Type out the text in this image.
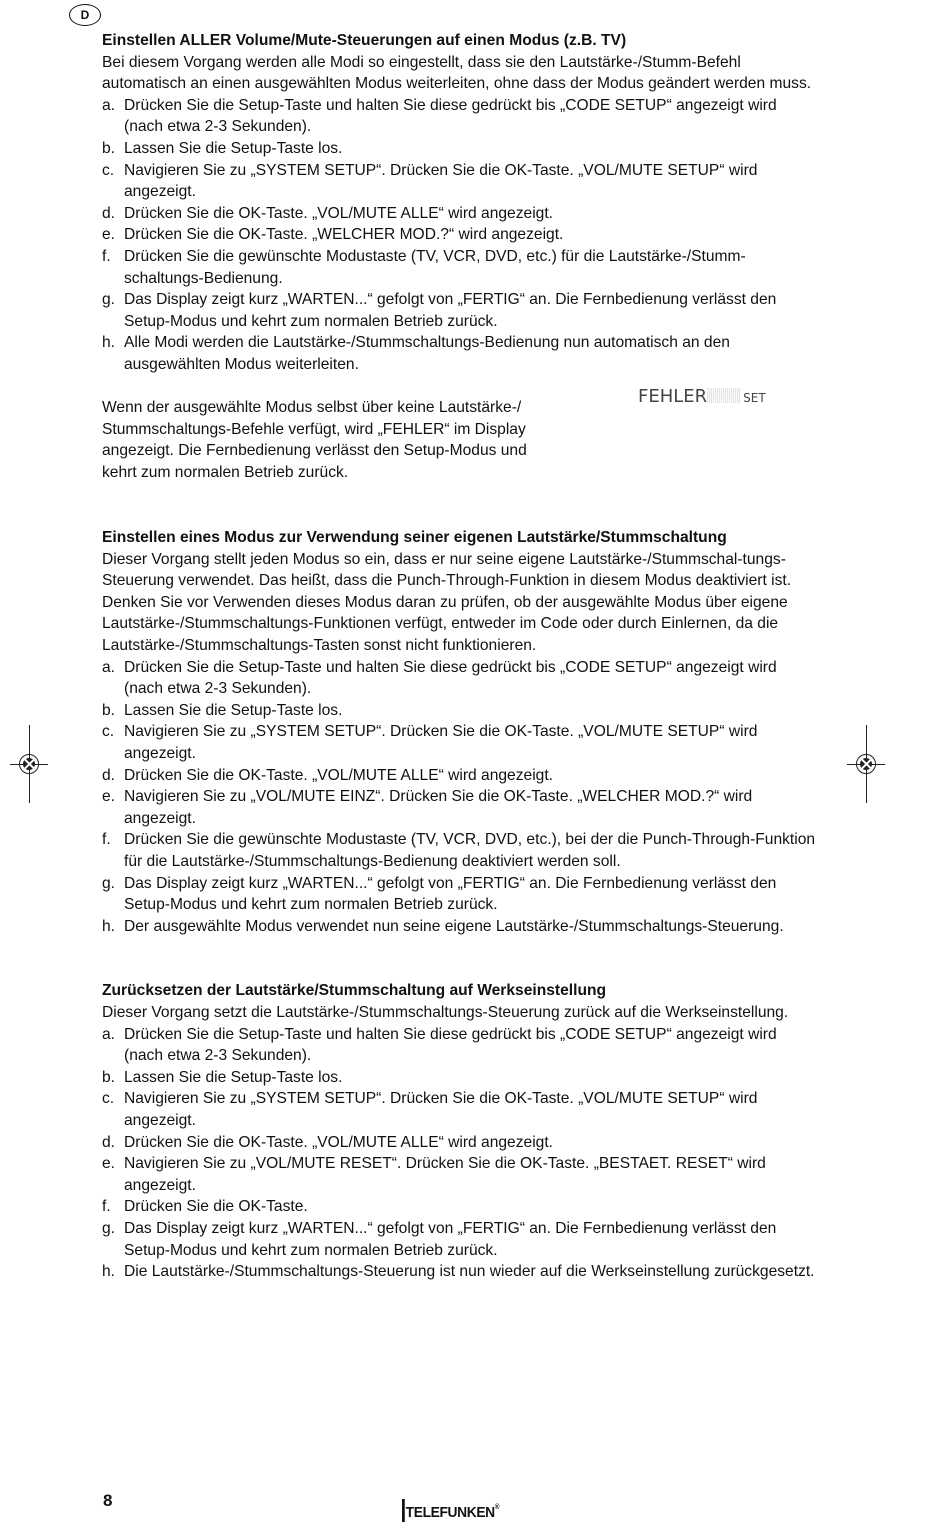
D
Einstellen ALLER Volume/Mute-Steuerungen auf einen Modus (z.B. TV)

Bei diesem Vorgang werden alle Modi so eingestellt, dass sie den Lautstärke-/Stumm-Befehl automatisch an einen ausgewählten Modus weiterleiten, ohne dass der Modus geändert werden muss.

a. Drücken Sie die Setup-Taste und halten Sie diese gedrückt bis „CODE SETUP“ angezeigt wird (nach etwa 2-3 Sekunden).
b. Lassen Sie die Setup-Taste los.
c. Navigieren Sie zu „SYSTEM SETUP“. Drücken Sie die OK-Taste. „VOL/MUTE SETUP“ wird angezeigt.
d. Drücken Sie die OK-Taste. „VOL/MUTE ALLE“ wird angezeigt.
e. Drücken Sie die OK-Taste. „WELCHER MOD.?“ wird angezeigt.
f. Drücken Sie die gewünschte Modustaste (TV, VCR, DVD, etc.) für die Lautstärke-/Stumm-schaltungs-Bedienung.
g. Das Display zeigt kurz „WARTEN...“ gefolgt von „FERTIG“ an. Die Fernbedienung verlässt den Setup-Modus und kehrt zum normalen Betrieb zurück.
h. Alle Modi werden die Lautstärke-/Stummschaltungs-Bedienung nun automatisch an den ausgewählten Modus weiterleiten.

Wenn der ausgewählte Modus selbst über keine Lautstärke-/ Stummschaltungs-Befehle verfügt, wird „FEHLER“ im Display angezeigt. Die Fernbedienung verlässt den Setup-Modus und kehrt zum normalen Betrieb zurück.

FEHLER	SET
Einstellen eines Modus zur Verwendung seiner eigenen Lautstärke/Stummschaltung

Dieser Vorgang stellt jeden Modus so ein, dass er nur seine eigene Lautstärke-/Stummschal-tungs-Steuerung verwendet. Das heißt, dass die Punch-Through-Funktion in diesem Modus deaktiviert ist. Denken Sie vor Verwenden dieses Modus daran zu prüfen, ob der ausgewählte Modus über eigene Lautstärke-/Stummschaltungs-Funktionen verfügt, entweder im Code oder durch Einlernen, da die Lautstärke-/Stummschaltungs-Tasten sonst nicht funktionieren.

a. Drücken Sie die Setup-Taste und halten Sie diese gedrückt bis „CODE SETUP“ angezeigt wird (nach etwa 2-3 Sekunden).
b. Lassen Sie die Setup-Taste los.
c. Navigieren Sie zu „SYSTEM SETUP“. Drücken Sie die OK-Taste. „VOL/MUTE SETUP“ wird angezeigt.
d. Drücken Sie die OK-Taste. „VOL/MUTE ALLE“ wird angezeigt.
e. Navigieren Sie zu „VOL/MUTE EINZ“. Drücken Sie die OK-Taste. „WELCHER MOD.?“ wird angezeigt.
f. Drücken Sie die gewünschte Modustaste (TV, VCR, DVD, etc.), bei der die Punch-Through-Funktion für die Lautstärke-/Stummschaltungs-Bedienung deaktiviert werden soll.
g. Das Display zeigt kurz „WARTEN...“ gefolgt von „FERTIG“ an. Die Fernbedienung verlässt den Setup-Modus und kehrt zum normalen Betrieb zurück.
h. Der ausgewählte Modus verwendet nun seine eigene Lautstärke-/Stummschaltungs-Steuerung.
Zurücksetzen der Lautstärke/Stummschaltung auf Werkseinstellung

Dieser Vorgang setzt die Lautstärke-/Stummschaltungs-Steuerung zurück auf die Werkseinstellung.

a. Drücken Sie die Setup-Taste und halten Sie diese gedrückt bis „CODE SETUP“ angezeigt wird (nach etwa 2-3 Sekunden).
b. Lassen Sie die Setup-Taste los.
c. Navigieren Sie zu „SYSTEM SETUP“. Drücken Sie die OK-Taste. „VOL/MUTE SETUP“ wird angezeigt.
d. Drücken Sie die OK-Taste. „VOL/MUTE ALLE“ wird angezeigt.
e. Navigieren Sie zu „VOL/MUTE RESET“. Drücken Sie die OK-Taste. „BESTAET. RESET“ wird angezeigt.
f. Drücken Sie die OK-Taste.
g. Das Display zeigt kurz „WARTEN...“ gefolgt von „FERTIG“ an. Die Fernbedienung verlässt den Setup-Modus und kehrt zum normalen Betrieb zurück.
h. Die Lautstärke-/Stummschaltungs-Steuerung ist nun wieder auf die Werkseinstellung zurückgesetzt.
8
TELEFUNKEN®
